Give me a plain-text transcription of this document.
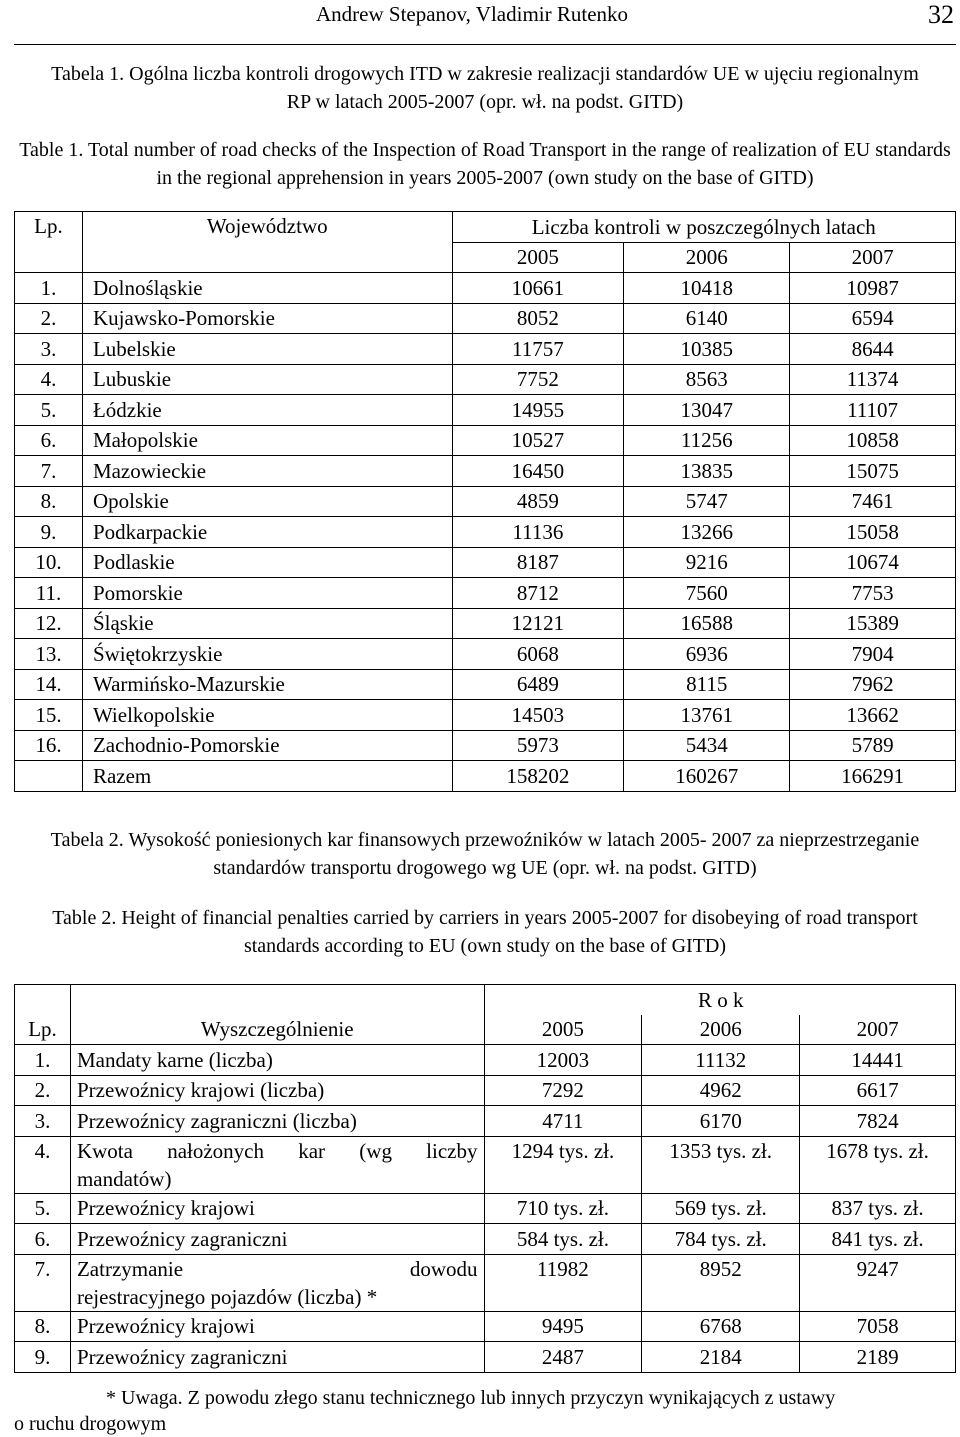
Andrew Stepanov, Vladimir Rutenko	32
Tabela 1. Ogólna liczba kontroli drogowych ITD w zakresie realizacji standardów UE w ujęciu regionalnym RP w latach 2005-2007 (opr. wł. na podst. GITD)
Table 1. Total number of road checks of the Inspection of Road Transport in the range of realization of EU standards in the regional apprehension in years 2005-2007 (own study on the base of GITD)
Lp.	Województwo	Liczba kontroli w poszczególnych latach		
		2005	2006	2007
1.	Dolnośląskie	10661	10418	10987
2.	Kujawsko-Pomorskie	8052	6140	6594
3.	Lubelskie	11757	10385	8644
4.	Lubuskie	7752	8563	11374
5.	Łódzkie	14955	13047	11107
6.	Małopolskie	10527	11256	10858
7.	Mazowieckie	16450	13835	15075
8.	Opolskie	4859	5747	7461
9.	Podkarpackie	11136	13266	15058
10.	Podlaskie	8187	9216	10674
11.	Pomorskie	8712	7560	7753
12.	Śląskie	12121	16588	15389
13.	Świętokrzyskie	6068	6936	7904
14.	Warmińsko-Mazurskie	6489	8115	7962
15.	Wielkopolskie	14503	13761	13662
16.	Zachodnio-Pomorskie	5973	5434	5789
	Razem	158202	160267	166291
Tabela 2. Wysokość poniesionych kar finansowych przewoźników w latach 2005- 2007 za nieprzestrzeganie standardów transportu drogowego wg UE (opr. wł. na podst. GITD)
Table 2. Height of financial penalties carried by carriers in years 2005-2007 for disobeying of road transport standards according to EU (own study on the base of GITD)
			R o k	
Lp.	Wyszczególnienie	2005	2006	2007
1.	Mandaty karne (liczba)	12003	11132	14441
2.	Przewoźnicy krajowi (liczba)	7292	4962	6617
3.	Przewoźnicy zagraniczni (liczba)	4711	6170	7824
4.	Kwota nałożonych kar (wg liczby
mandatów)	1294 tys. zł.	1353 tys. zł.	1678 tys. zł.
5.	Przewoźnicy krajowi	710 tys. zł.	569 tys. zł.	837 tys. zł.
6.	Przewoźnicy zagraniczni	584 tys. zł.	784 tys. zł.	841 tys. zł.
7.	Zatrzymanie dowodu
rejestracyjnego pojazdów (liczba) *	11982	8952	9247
8.	Przewoźnicy krajowi	9495	6768	7058
9.	Przewoźnicy zagraniczni	2487	2184	2189
* Uwaga. Z powodu złego stanu technicznego lub innych przyczyn wynikających z ustawy
o ruchu drogowym
